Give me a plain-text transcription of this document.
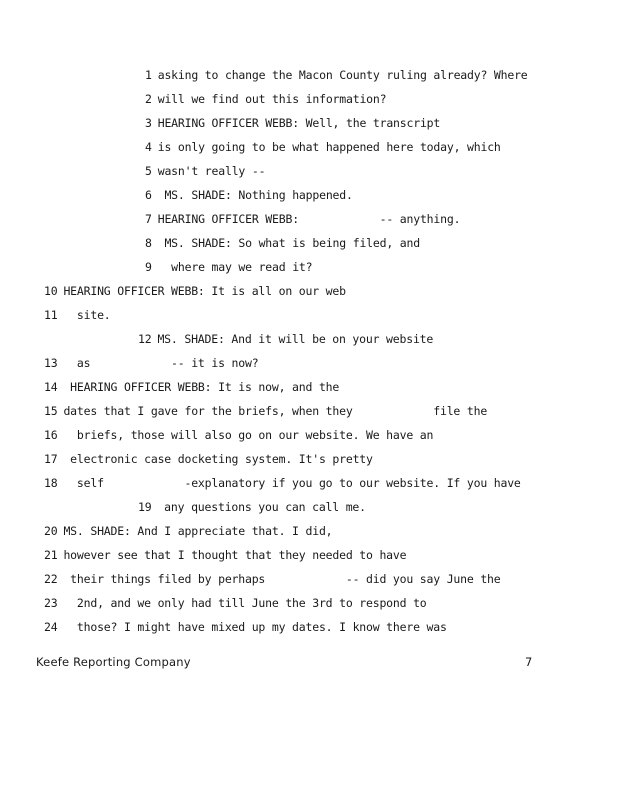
1 asking to change the Macon County ruling already? Where
2 will we find out this information?
3 HEARING OFFICER WEBB: Well, the transcript
4 is only going to be what happened here today, which
5 wasn't really --
6 MS. SHADE: Nothing happened.
7 HEARING OFFICER WEBB:            -- anything.
8 MS. SHADE: So what is being filed, and
9  where may we read it?
10 HEARING OFFICER WEBB: It is all on our web
11  site.
12 MS. SHADE: And it will be on your website
13  as            -- it is now?
14 HEARING OFFICER WEBB: It is now, and the
15 dates that I gave for the briefs, when they            file the
16  briefs, those will also go on our website. We have an
17 electronic case docketing system. It's pretty
18  self            -explanatory if you go to our website. If you have
19 any questions you can call me.
20 MS. SHADE: And I appreciate that. I did,
21 however see that I thought that they needed to have
22 their things filed by perhaps            -- did you say June the
23  2nd, and we only had till June the 3rd to respond to
24  those? I might have mixed up my dates. I know there was
Keefe Reporting Company	7
